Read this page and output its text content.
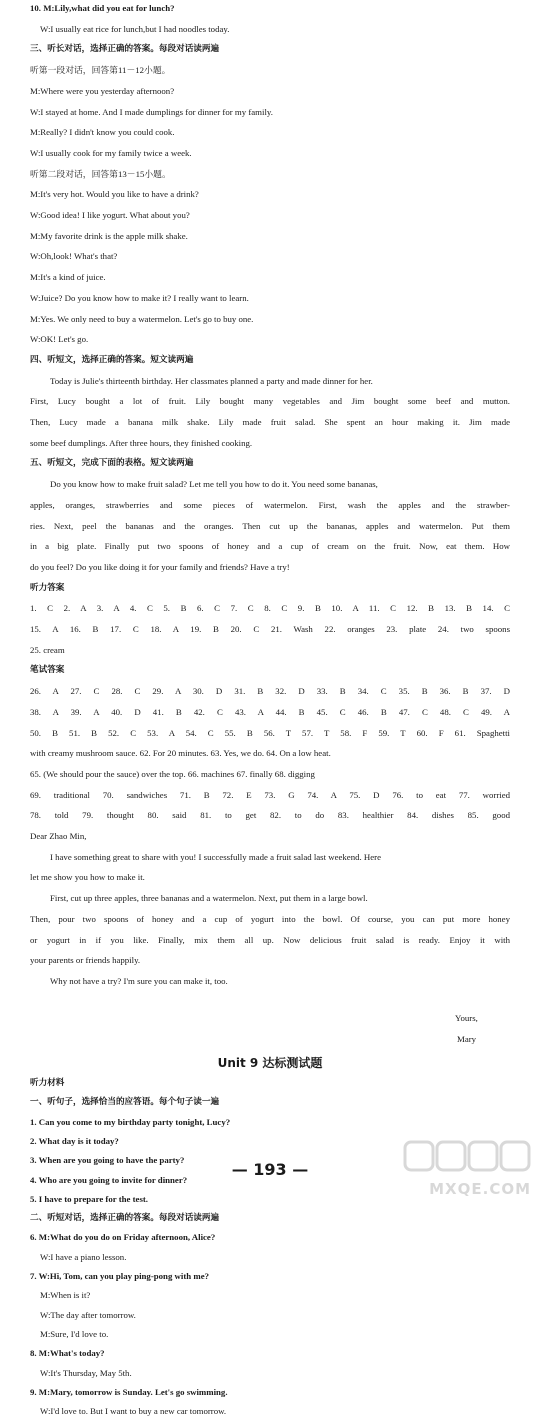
10. M:Lily,what did you eat for lunch?
W:I usually eat rice for lunch,but I had noodles today.
三、听长对话，选择正确的答案。每段对话读两遍
听第一段对话，回答第11－12小题。
M:Where were you yesterday afternoon?
W:I stayed at home. And I made dumplings for dinner for my family.
M:Really? I didn't know you could cook.
W:I usually cook for my family twice a week.
听第二段对话，回答第13－15小题。
M:It's very hot. Would you like to have a drink?
W:Good idea! I like yogurt. What about you?
M:My favorite drink is the apple milk shake.
W:Oh,look! What's that?
M:It's a kind of juice.
W:Juice? Do you know how to make it? I really want to learn.
M:Yes. We only need to buy a watermelon. Let's go to buy one.
W:OK! Let's go.
四、听短文，选择正确的答案。短文读两遍
Today is Julie's thirteenth birthday. Her classmates planned a party and made dinner for her.
First, Lucy bought a lot of fruit. Lily bought many vegetables and Jim bought some beef and mutton.
Then, Lucy made a banana milk shake. Lily made fruit salad. She spent an hour making it. Jim made
some beef dumplings. After three hours, they finished cooking.
五、听短文，完成下面的表格。短文读两遍
Do you know how to make fruit salad? Let me tell you how to do it. You need some bananas,
apples, oranges, strawberries and some pieces of watermelon. First, wash the apples and the strawber-
ries. Next, peel the bananas and the oranges. Then cut up the bananas, apples and watermelon. Put them
in a big plate. Finally put two spoons of honey and a cup of cream on the fruit. Now, eat them. How
do you feel? Do you like doing it for your family and friends? Have a try!
听力答案
1. C 2. A 3. A 4. C 5. B 6. C 7. C 8. C 9. B 10. A 11. C 12. B 13. B 14. C
15. A 16. B 17. C 18. A 19. B 20. C 21. Wash 22. oranges 23. plate 24. two spoons
25. cream
笔试答案
26. A 27. C 28. C 29. A 30. D 31. B 32. D 33. B 34. C 35. B 36. B 37. D
38. A 39. A 40. D 41. B 42. C 43. A 44. B 45. C 46. B 47. C 48. C 49. A
50. B 51. B 52. C 53. A 54. C 55. B 56. T 57. T 58. F 59. T 60. F 61. Spaghetti
with creamy mushroom sauce. 62. For 20 minutes. 63. Yes, we do. 64. On a low heat.
65. (We should pour the sauce) over the top. 66. machines 67. finally 68. digging
69. traditional 70. sandwiches 71. B 72. E 73. G 74. A 75. D 76. to eat 77. worried
78. told 79. thought 80. said 81. to get 82. to do 83. healthier 84. dishes 85. good
Dear Zhao Min,
I have something great to share with you! I successfully made a fruit salad last weekend. Here
let me show you how to make it.
First, cut up three apples, three bananas and a watermelon. Next, put them in a large bowl.
Then, pour two spoons of honey and a cup of yogurt into the bowl. Of course, you can put more honey
or yogurt in if you like. Finally, mix them all up. Now delicious fruit salad is ready. Enjoy it with
your parents or friends happily.
Why not have a try? I'm sure you can make it, too.
Yours,
Mary
Unit 9 达标测试题
听力材料
一、听句子，选择恰当的应答语。每个句子读一遍
1. Can you come to my birthday party tonight, Lucy?
2. What day is it today?
3. When are you going to have the party?
4. Who are you going to invite for dinner?
5. I have to prepare for the test.
二、听短对话，选择正确的答案。每段对话读两遍
6. M:What do you do on Friday afternoon, Alice?
W:I have a piano lesson.
7. W:Hi, Tom, can you play ping-pong with me?
M:When is it?
W:The day after tomorrow.
M:Sure, I'd love to.
8. M:What's today?
W:It's Thursday, May 5th.
9. M:Mary, tomorrow is Sunday. Let's go swimming.
W:I'd love to. But I want to buy a new car tomorrow.
— 193 —
MXQE.COM
